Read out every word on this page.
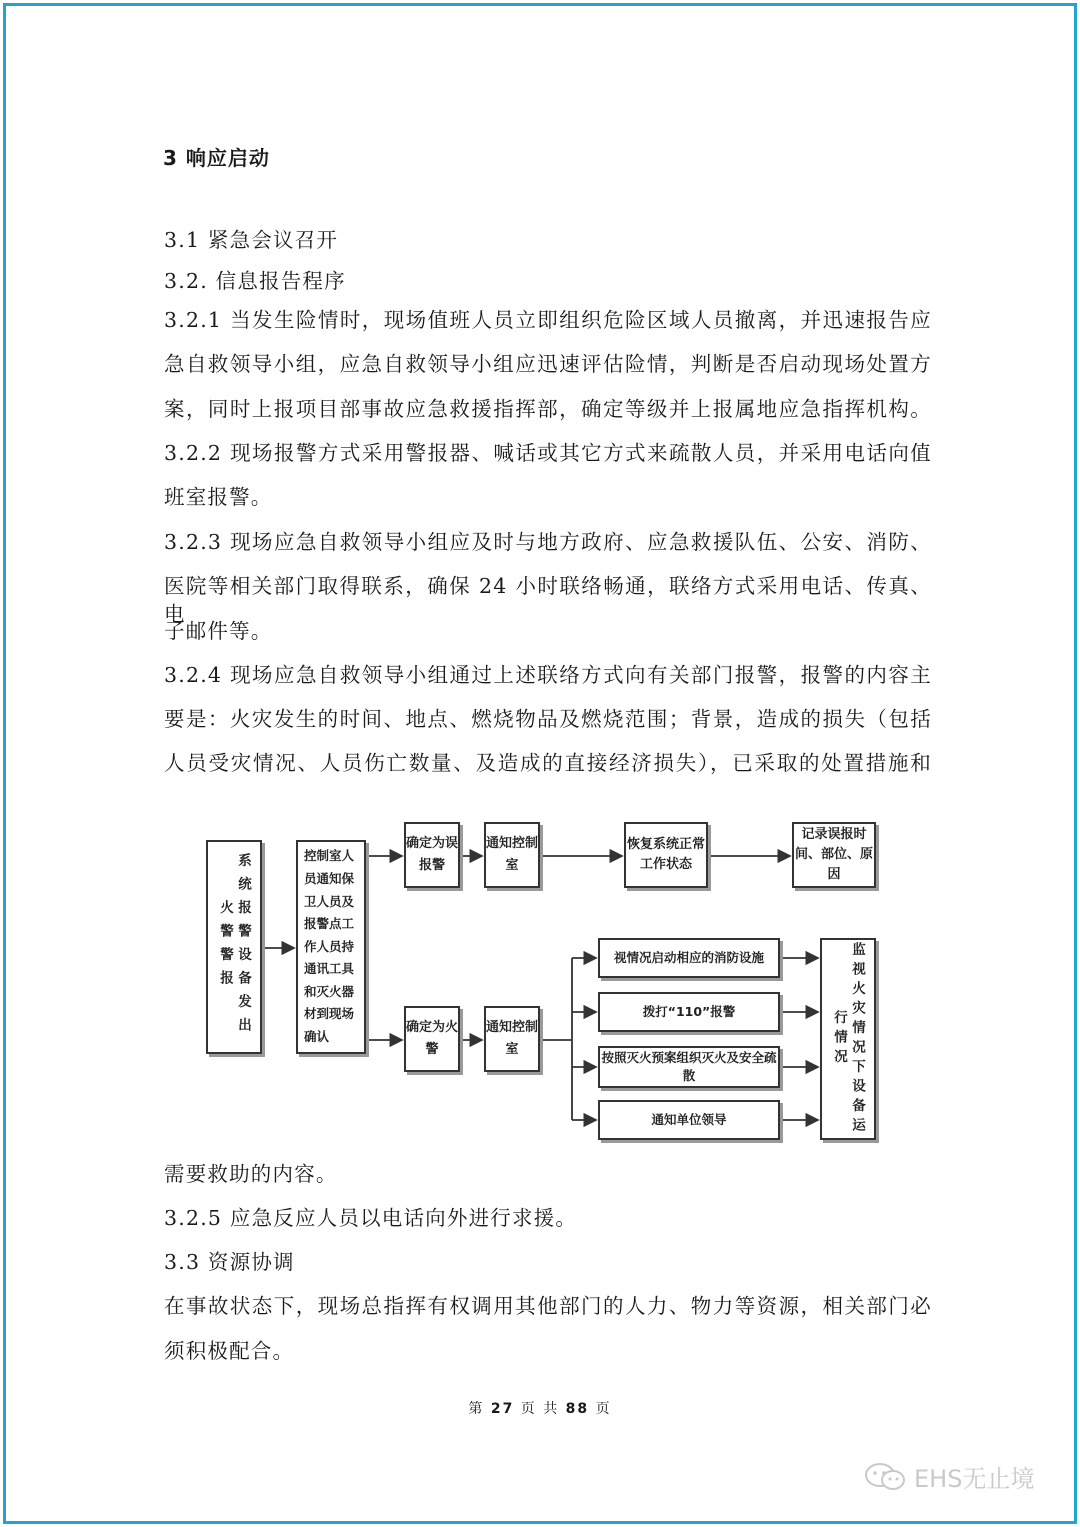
3 响应启动
3.1 紧急会议召开
3.2. 信息报告程序
3.2.1 当发生险情时，现场值班人员立即组织危险区域人员撤离，并迅速报告应
急自救领导小组，应急自救领导小组应迅速评估险情，判断是否启动现场处置方
案，同时上报项目部事故应急救援指挥部，确定等级并上报属地应急指挥机构。
3.2.2 现场报警方式采用警报器、喊话或其它方式来疏散人员，并采用电话向值
班室报警。
3.2.3 现场应急自救领导小组应及时与地方政府、应急救援队伍、公安、消防、
医院等相关部门取得联系，确保 24 小时联络畅通，联络方式采用电话、传真、电
子邮件等。
3.2.4 现场应急自救领导小组通过上述联络方式向有关部门报警，报警的内容主
要是：火灾发生的时间、地点、燃烧物品及燃烧范围；背景，造成的损失（包括
人员受灾情况、人员伤亡数量、及造成的直接经济损失），已采取的处置措施和
系统报警设备发出火警警报
控制室人员通知保卫人员及报警点工作人员持通讯工具和灭火器材到现场确认
确定为误报警
通知控制室
恢复系统正常工作状态
记录误报时间、部位、原因
确定为火警
通知控制室
视情况启动相应的消防设施
拨打“110”报警
按照灭火预案组织灭火及安全疏散
通知单位领导	监视火灾情况下设备运行情况
需要救助的内容。
3.2.5 应急反应人员以电话向外进行求援。
3.3 资源协调
在事故状态下，现场总指挥有权调用其他部门的人力、物力等资源，相关部门必
须积极配合。
第 27 页 共 88 页
EHS无止境
